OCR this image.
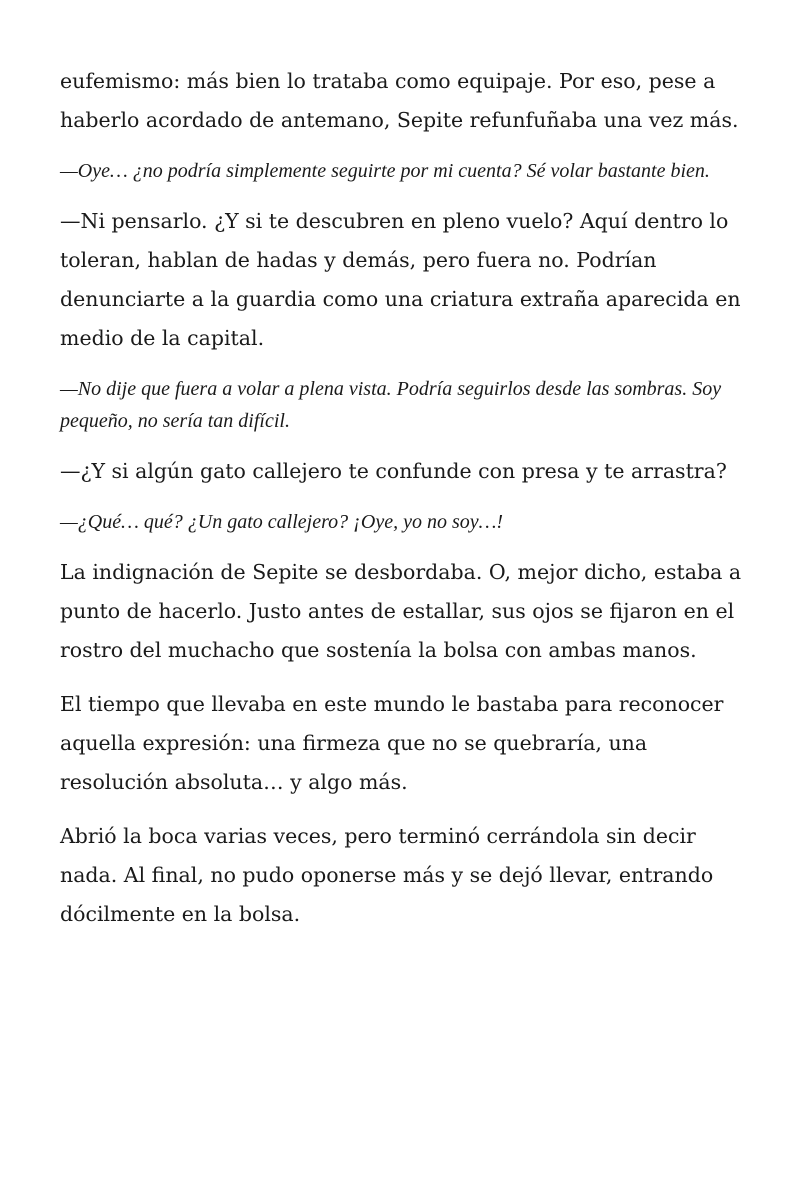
eufemismo: más bien lo trataba como equipaje. Por eso, pese a haberlo acordado de antemano, Sepite refunfuñaba una vez más.

—Oye… ¿no podría simplemente seguirte por mi cuenta? Sé volar bastante bien.

—Ni pensarlo. ¿Y si te descubren en pleno vuelo? Aquí dentro lo toleran, hablan de hadas y demás, pero fuera no. Podrían denunciarte a la guardia como una criatura extraña aparecida en medio de la capital.

—No dije que fuera a volar a plena vista. Podría seguirlos desde las sombras. Soy pequeño, no sería tan difícil.

—¿Y si algún gato callejero te confunde con presa y te arrastra?

—¿Qué… qué? ¿Un gato callejero? ¡Oye, yo no soy…!

La indignación de Sepite se desbordaba. O, mejor dicho, estaba a punto de hacerlo. Justo antes de estallar, sus ojos se fijaron en el rostro del muchacho que sostenía la bolsa con ambas manos.

El tiempo que llevaba en este mundo le bastaba para reconocer aquella expresión: una firmeza que no se quebraría, una resolución absoluta… y algo más.

Abrió la boca varias veces, pero terminó cerrándola sin decir nada. Al final, no pudo oponerse más y se dejó llevar, entrando dócilmente en la bolsa.
